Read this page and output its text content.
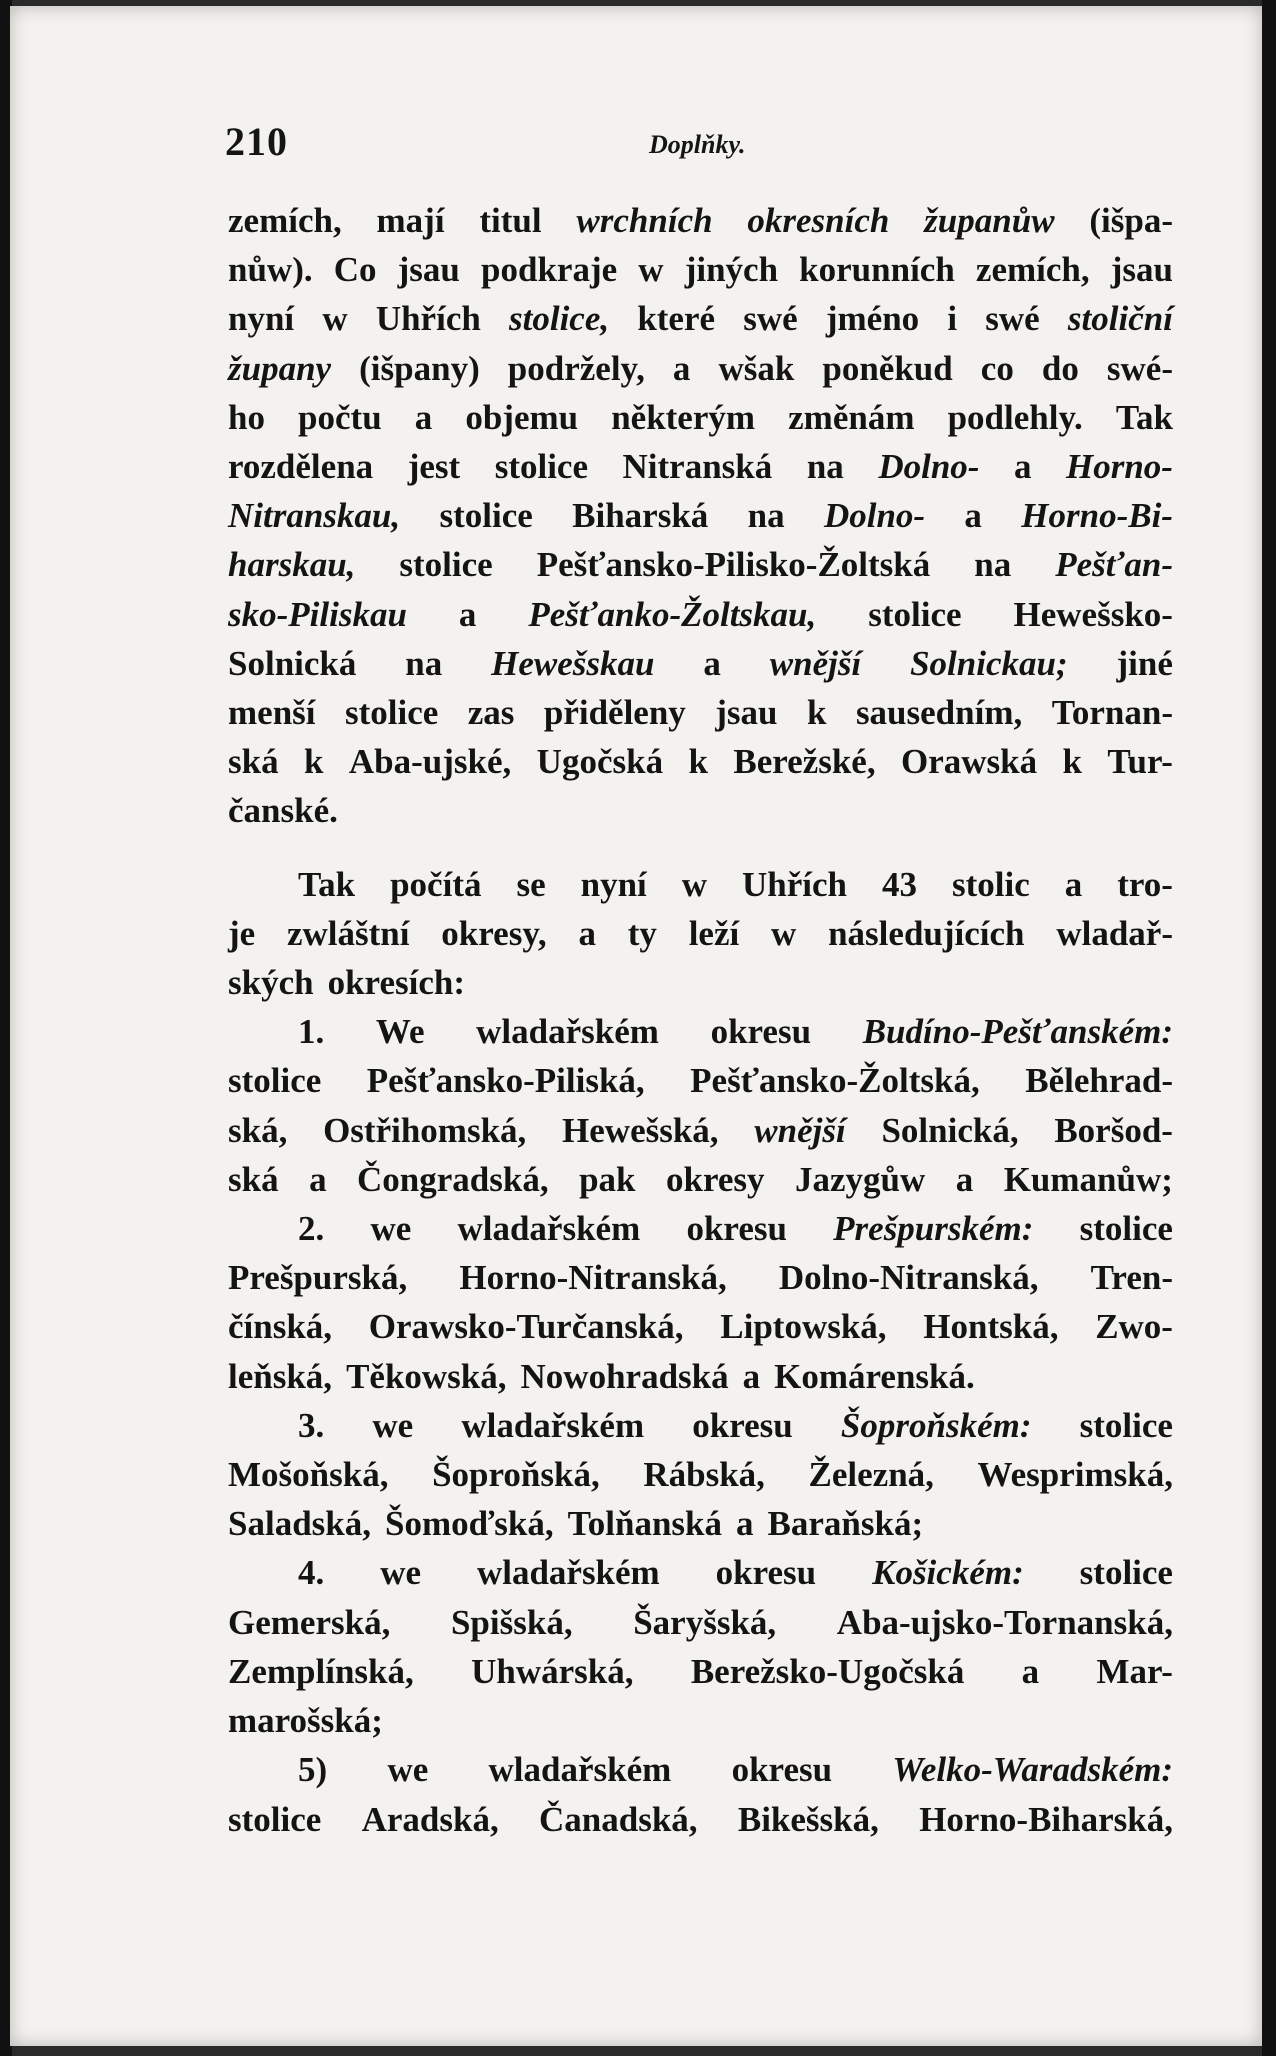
210	Doplňky.
zemích, mají titul wrchních okresních županůw (išpa-
nůw). Co jsau podkraje w jiných korunních zemích, jsau
nyní w Uhřích stolice, které swé jméno i swé stoliční
župany (išpany) podržely, a wšak poněkud co do swé-
ho počtu a objemu některým změnám podlehly. Tak
rozdělena jest stolice Nitranská na Dolno- a Horno-
Nitranskau, stolice Biharská na Dolno- a Horno-Bi-
harskau, stolice Pešťansko-Pilisko-Žoltská na Pešťan-
sko-Piliskau a Pešťanko-Žoltskau, stolice Hewešsko-
Solnická na Hewešskau a wnější Solnickau; jiné
menší stolice zas přiděleny jsau k sausedním, Tornan-
ská k Aba-ujské, Ugočská k Berežské, Orawská k Tur-
čanské.
Tak počítá se nyní w Uhřích 43 stolic a tro-
je zwláštní okresy, a ty leží w následujících wladař-
ských okresích:
1. We wladařském okresu Budíno-Pešťanském:
stolice Pešťansko-Piliská, Pešťansko-Žoltská, Bělehrad-
ská, Ostřihomská, Hewešská, wnější Solnická, Boršod-
ská a Čongradská, pak okresy Jazygůw a Kumanůw;
2. we wladařském okresu Prešpurském: stolice
Prešpurská, Horno-Nitranská, Dolno-Nitranská, Tren-
čínská, Orawsko-Turčanská, Liptowská, Hontská, Zwo-
leňská, Těkowská, Nowohradská a Komárenská.
3. we wladařském okresu Šoproňském: stolice
Mošoňská, Šoproňská, Rábská, Železná, Wesprimská,
Saladská, Šomoďská, Tolňanská a Baraňská;
4. we wladařském okresu Košickém: stolice
Gemerská, Spišská, Šaryšská, Aba-ujsko-Tornanská,
Zemplínská, Uhwárská, Berežsko-Ugočská a Mar-
marošská;
5) we wladařském okresu Welko-Waradském:
stolice Aradská, Čanadská, Bikešská, Horno-Biharská,
